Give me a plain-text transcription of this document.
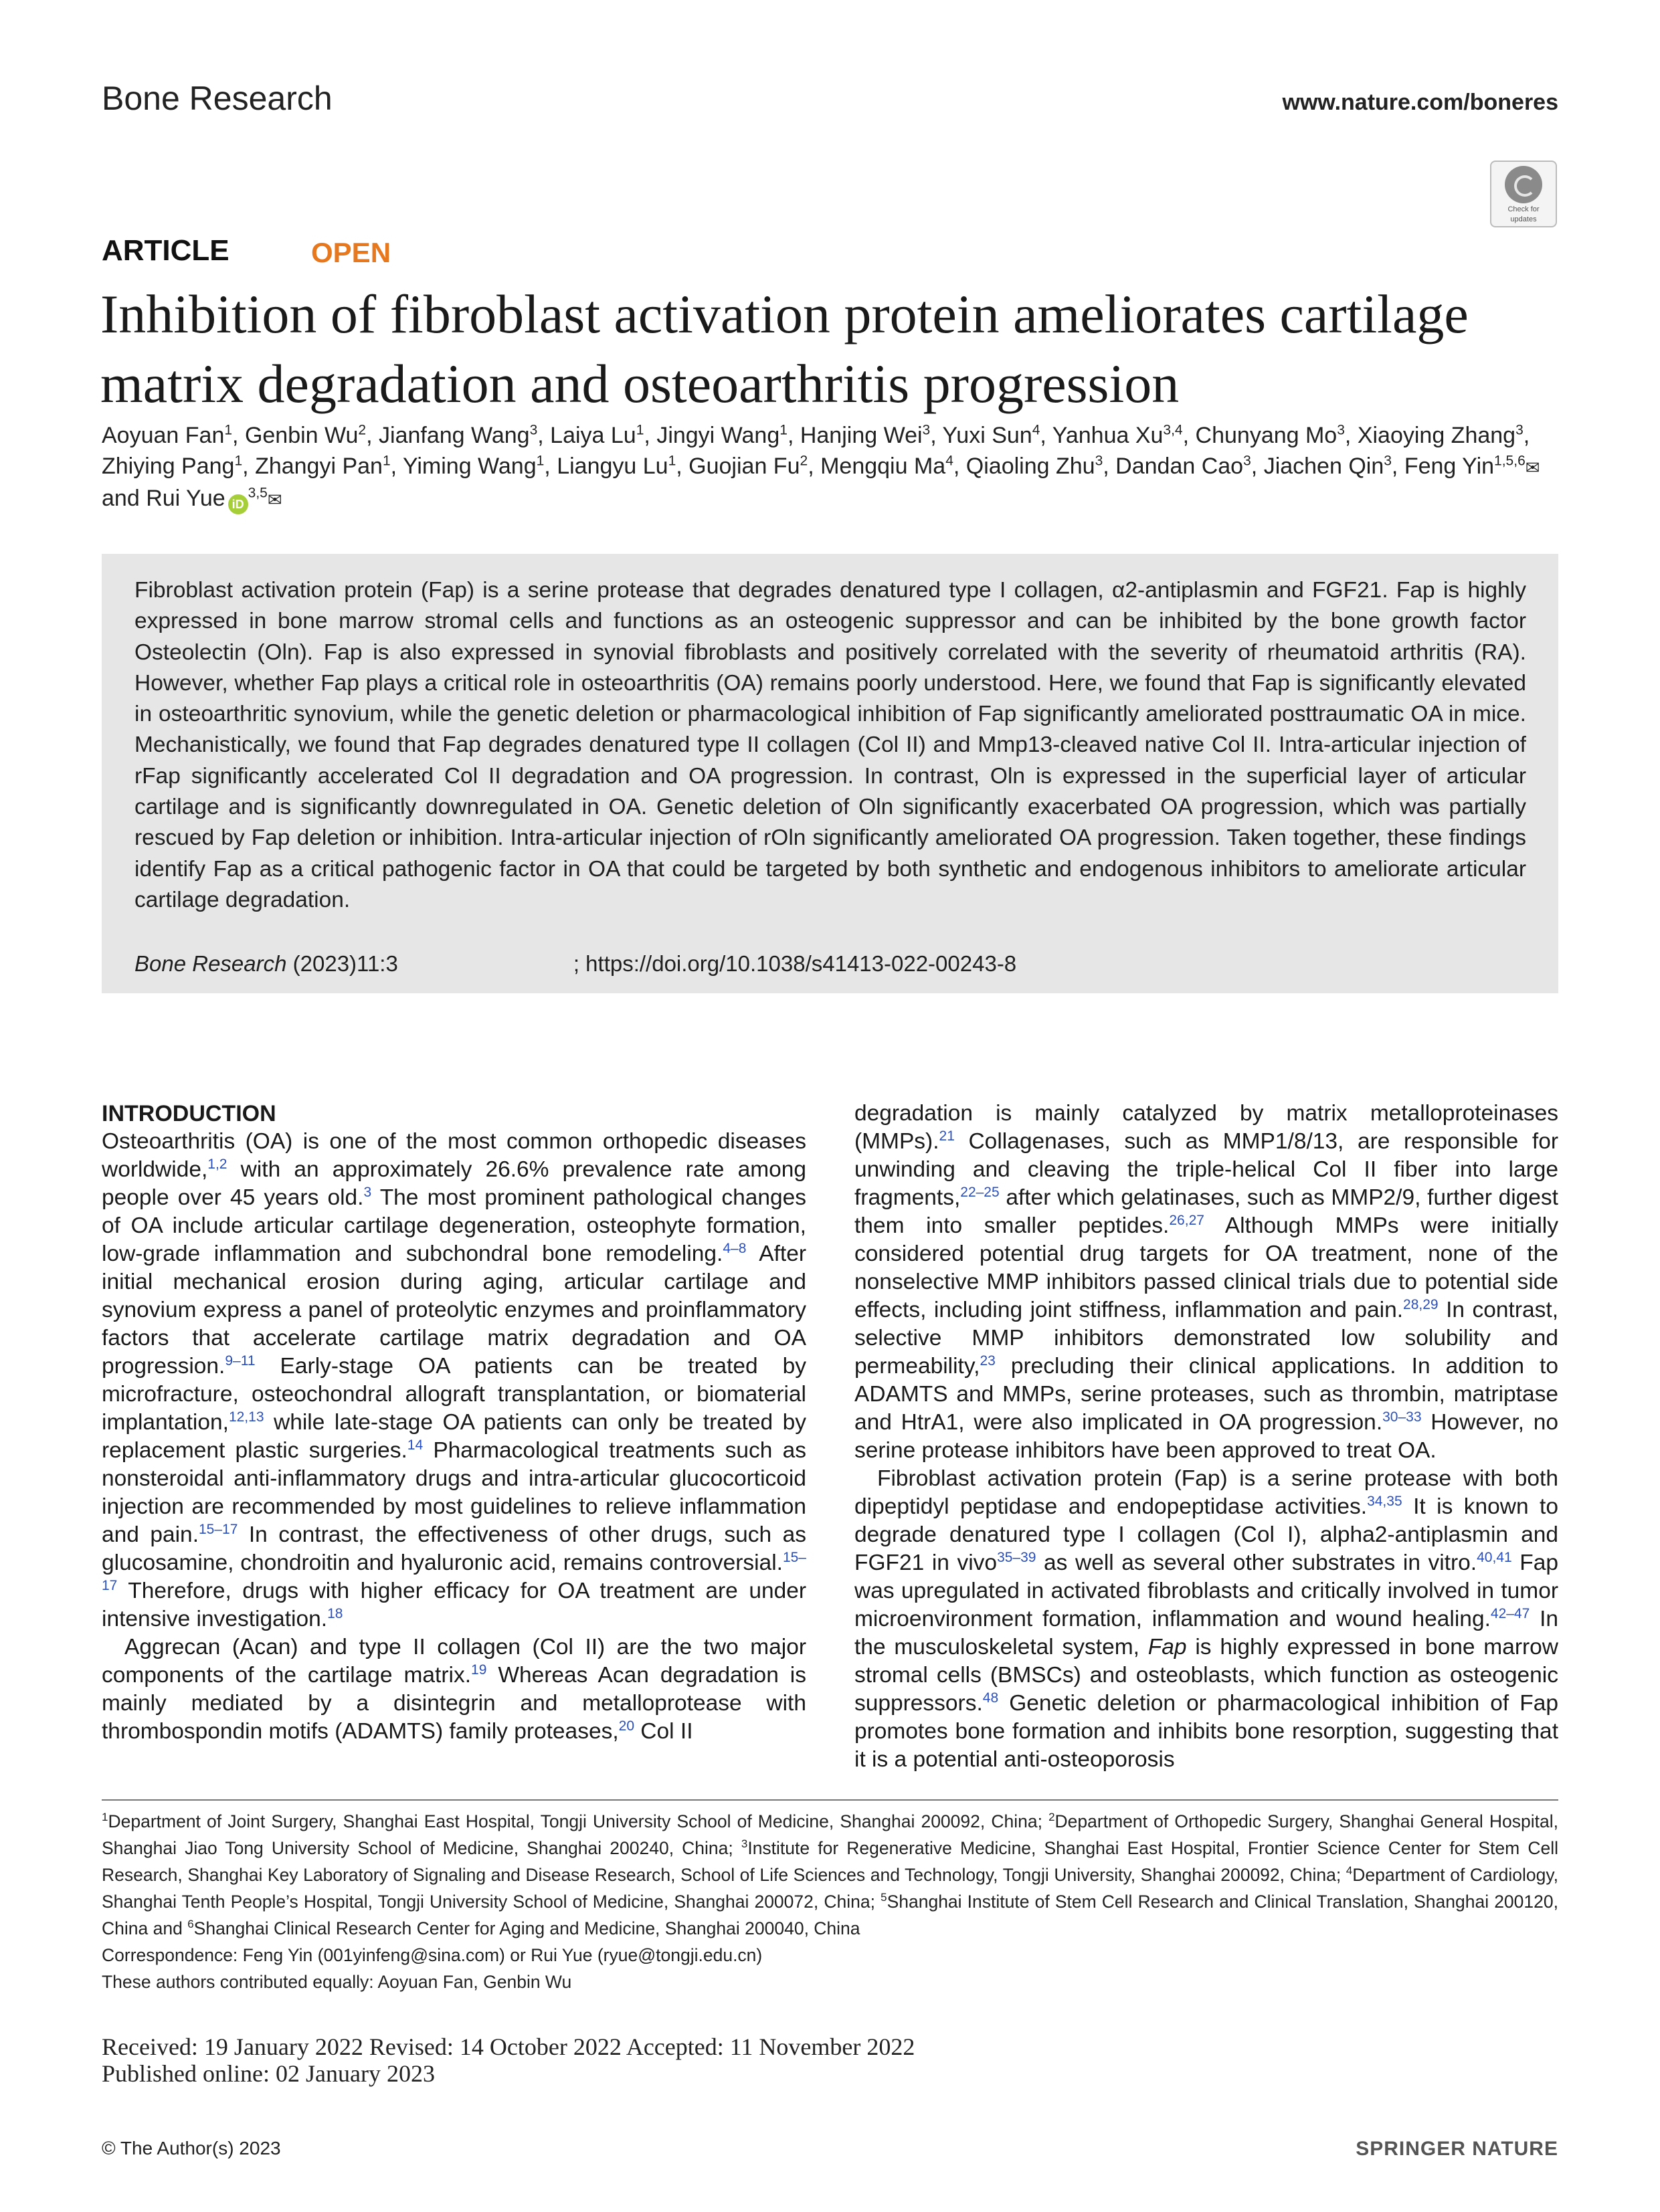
Bone Research	www.nature.com/boneres
Check for
updates
ARTICLE	OPEN
Inhibition of fibroblast activation protein ameliorates cartilage matrix degradation and osteoarthritis progression
Aoyuan Fan$^1$, Genbin Wu$^2$, Jianfang Wang$^3$, Laiya Lu$^1$, Jingyi Wang$^1$, Hanjing Wei$^3$, Yuxi Sun$^4$, Yanhua Xu$^{3,4}$, Chunyang Mo$^3$, Xiaoying Zhang$^3$, Zhiying Pang$^1$, Zhangyi Pan$^1$, Yiming Wang$^1$, Liangyu Lu$^1$, Guojian Fu$^2$, Mengqiu Ma$^4$, Qiaoling Zhu$^3$, Dandan Cao$^3$, Jiachen Qin$^3$, Feng Yin$^{1,5,6}$✉ and Rui Yue iD$^{3,5}$✉

Fibroblast activation protein (Fap) is a serine protease that degrades denatured type I collagen, α2-antiplasmin and FGF21. Fap is highly expressed in bone marrow stromal cells and functions as an osteogenic suppressor and can be inhibited by the bone growth factor Osteolectin (Oln). Fap is also expressed in synovial fibroblasts and positively correlated with the severity of rheumatoid arthritis (RA). However, whether Fap plays a critical role in osteoarthritis (OA) remains poorly understood. Here, we found that Fap is significantly elevated in osteoarthritic synovium, while the genetic deletion or pharmacological inhibition of Fap significantly ameliorated posttraumatic OA in mice. Mechanistically, we found that Fap degrades denatured type II collagen (Col II) and Mmp13-cleaved native Col II. Intra-articular injection of rFap significantly accelerated Col II degradation and OA progression. In contrast, Oln is expressed in the superficial layer of articular cartilage and is significantly downregulated in OA. Genetic deletion of Oln significantly exacerbated OA progression, which was partially rescued by Fap deletion or inhibition. Intra-articular injection of rOln significantly ameliorated OA progression. Taken together, these findings identify Fap as a critical pathogenic factor in OA that could be targeted by both synthetic and endogenous inhibitors to ameliorate articular cartilage degradation.

Bone Research (2023)11:3	; https://doi.org/10.1038/s41413-022-00243-8
INTRODUCTION

Osteoarthritis (OA) is one of the most common orthopedic diseases worldwide,$^{1,2}$ with an approximately 26.6% prevalence rate among people over 45 years old.$^3$ The most prominent pathological changes of OA include articular cartilage degeneration, osteophyte formation, low-grade inflammation and subchondral bone remodeling.$^{4-8}$ After initial mechanical erosion during aging, articular cartilage and synovium express a panel of proteolytic enzymes and proinflammatory factors that accelerate cartilage matrix degradation and OA progression.$^{9-11}$ Early-stage OA patients can be treated by microfracture, osteochondral allograft transplantation, or biomaterial implantation,$^{12,13}$ while late-stage OA patients can only be treated by replacement plastic surgeries.$^{14}$ Pharmacological treatments such as nonsteroidal anti-inflammatory drugs and intra-articular glucocorticoid injection are recommended by most guidelines to relieve inflammation and pain.$^{15-17}$ In contrast, the effectiveness of other drugs, such as glucosamine, chondroitin and hyaluronic acid, remains controversial.$^{15-17}$ Therefore, drugs with higher efficacy for OA treatment are under intensive investigation.$^{18}$

Aggrecan (Acan) and type II collagen (Col II) are the two major components of the cartilage matrix.$^{19}$ Whereas Acan degradation is mainly mediated by a disintegrin and metalloprotease with thrombospondin motifs (ADAMTS) family proteases,$^{20}$ Col II

degradation is mainly catalyzed by matrix metalloproteinases (MMPs).$^{21}$ Collagenases, such as MMP1/8/13, are responsible for unwinding and cleaving the triple-helical Col II fiber into large fragments,$^{22-25}$ after which gelatinases, such as MMP2/9, further digest them into smaller peptides.$^{26,27}$ Although MMPs were initially considered potential drug targets for OA treatment, none of the nonselective MMP inhibitors passed clinical trials due to potential side effects, including joint stiffness, inflammation and pain.$^{28,29}$ In contrast, selective MMP inhibitors demonstrated low solubility and permeability,$^{23}$ precluding their clinical applications. In addition to ADAMTS and MMPs, serine proteases, such as thrombin, matriptase and HtrA1, were also implicated in OA progression.$^{30-33}$ However, no serine protease inhibitors have been approved to treat OA.

Fibroblast activation protein (Fap) is a serine protease with both dipeptidyl peptidase and endopeptidase activities.$^{34,35}$ It is known to degrade denatured type I collagen (Col I), alpha2-antiplasmin and FGF21 in vivo$^{35-39}$ as well as several other substrates in vitro.$^{40,41}$ Fap was upregulated in activated fibroblasts and critically involved in tumor microenvironment formation, inflammation and wound healing.$^{42-47}$ In the musculoskeletal system, Fap is highly expressed in bone marrow stromal cells (BMSCs) and osteoblasts, which function as osteogenic suppressors.$^{48}$ Genetic deletion or pharmacological inhibition of Fap promotes bone formation and inhibits bone resorption, suggesting that it is a potential anti-osteoporosis

$^1$Department of Joint Surgery, Shanghai East Hospital, Tongji University School of Medicine, Shanghai 200092, China; $^2$Department of Orthopedic Surgery, Shanghai General Hospital, Shanghai Jiao Tong University School of Medicine, Shanghai 200240, China; $^3$Institute for Regenerative Medicine, Shanghai East Hospital, Frontier Science Center for Stem Cell Research, Shanghai Key Laboratory of Signaling and Disease Research, School of Life Sciences and Technology, Tongji University, Shanghai 200092, China; $^4$Department of Cardiology, Shanghai Tenth People’s Hospital, Tongji University School of Medicine, Shanghai 200072, China; $^5$Shanghai Institute of Stem Cell Research and Clinical Translation, Shanghai 200120, China and $^6$Shanghai Clinical Research Center for Aging and Medicine, Shanghai 200040, China
Correspondence: Feng Yin (001yinfeng@sina.com) or Rui Yue (ryue@tongji.edu.cn)
These authors contributed equally: Aoyuan Fan, Genbin Wu
Received: 19 January 2022 Revised: 14 October 2022 Accepted: 11 November 2022
Published online: 02 January 2023
© The Author(s) 2023	SPRINGER NATURE
